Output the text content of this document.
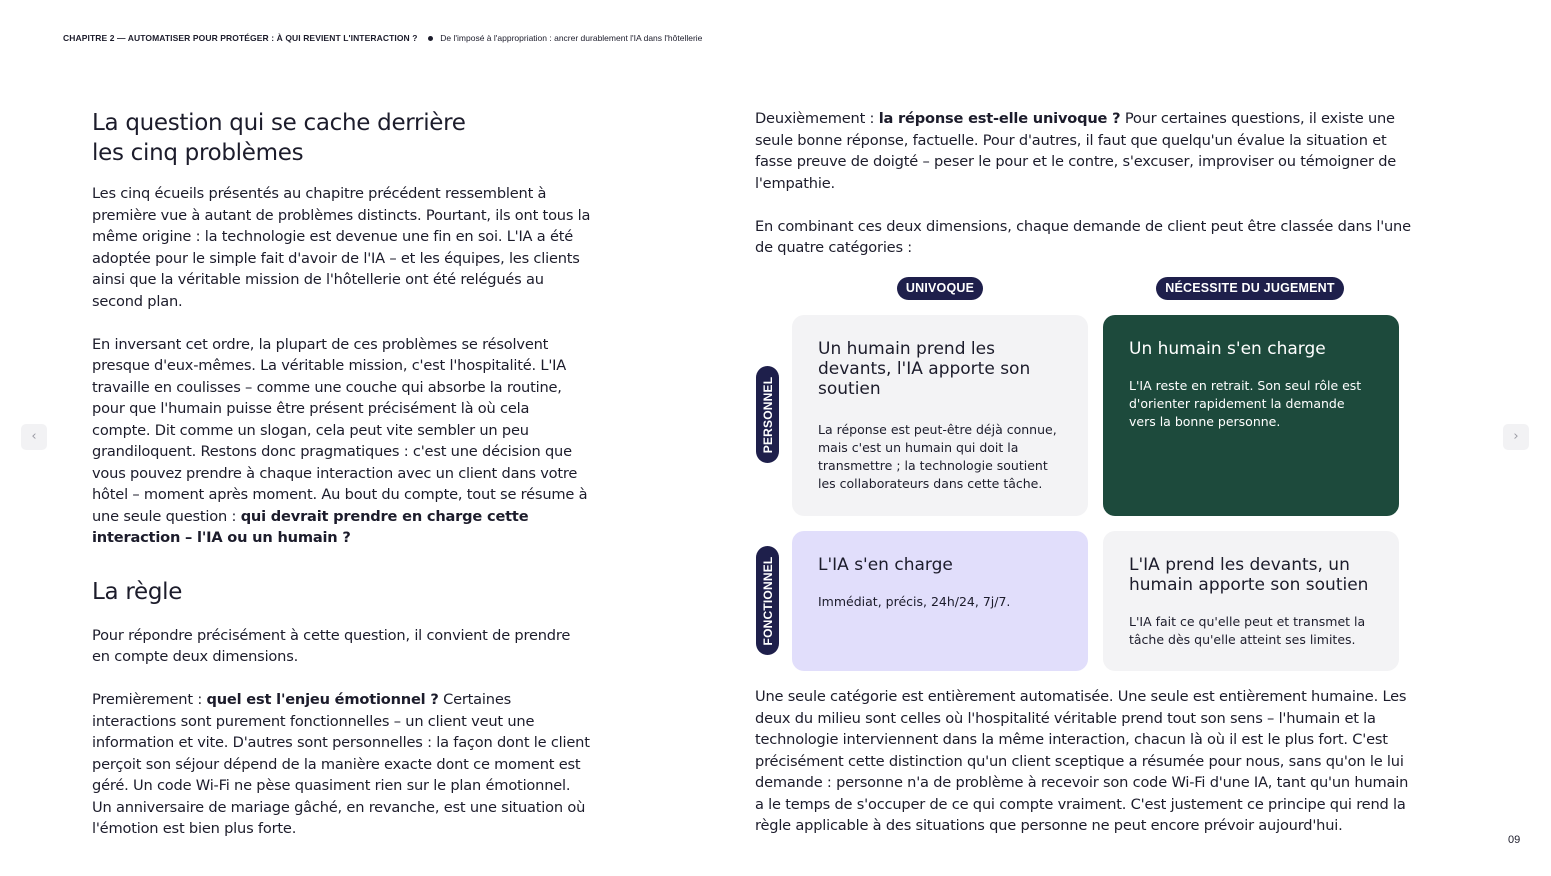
CHAPITRE 2 — AUTOMATISER POUR PROTÉGER : À QUI REVIENT L'INTERACTION ?	De l'imposé à l'appropriation : ancrer durablement l'IA dans l'hôtellerie
‹	›
La question qui se cache derrière
les cinq problèmes

Les cinq écueils présentés au chapitre précédent ressemblent à première vue à autant de problèmes distincts. Pourtant, ils ont tous la même origine : la technologie est devenue une fin en soi. L'IA a été adoptée pour le simple fait d'avoir de l'IA – et les équipes, les clients ainsi que la véritable mission de l'hôtellerie ont été relégués au second plan.

En inversant cet ordre, la plupart de ces problèmes se résolvent presque d'eux-mêmes. La véritable mission, c'est l'hospitalité. L'IA travaille en coulisses – comme une couche qui absorbe la routine, pour que l'humain puisse être présent précisément là où cela compte. Dit comme un slogan, cela peut vite sembler un peu grandiloquent. Restons donc pragmatiques : c'est une décision que vous pouvez prendre à chaque interaction avec un client dans votre hôtel – moment après moment. Au bout du compte, tout se résume à une seule question : qui devrait prendre en charge cette interaction – l'IA ou un humain ?

La règle

Pour répondre précisément à cette question, il convient de prendre en compte deux dimensions.

Premièrement : quel est l'enjeu émotionnel ? Certaines interactions sont purement fonctionnelles – un client veut une information et vite. D'autres sont personnelles : la façon dont le client perçoit son séjour dépend de la manière exacte dont ce moment est géré. Un code Wi-Fi ne pèse quasiment rien sur le plan émotionnel. Un anniversaire de mariage gâché, en revanche, est une situation où l'émotion est bien plus forte.

Deuxièmement : la réponse est-elle univoque ? Pour certaines questions, il existe une seule bonne réponse, factuelle. Pour d'autres, il faut que quelqu'un évalue la situation et fasse preuve de doigté – peser le pour et le contre, s'excuser, improviser ou témoigner de l'empathie.

En combinant ces deux dimensions, chaque demande de client peut être classée dans l'une de quatre catégories :

UNIVOQUE	NÉCESSITE DU JUGEMENT
PERSONNEL
FONCTIONNEL
Un humain prend les devants, l'IA apporte son soutien
La réponse est peut-être déjà connue, mais c'est un humain qui doit la transmettre ; la technologie soutient les collaborateurs dans cette tâche.
Un humain s'en charge
L'IA reste en retrait. Son seul rôle est d'orienter rapidement la demande vers la bonne personne.
L'IA s'en charge
Immédiat, précis, 24h/24, 7j/7.
L'IA prend les devants, un humain apporte son soutien
L'IA fait ce qu'elle peut et transmet la tâche dès qu'elle atteint ses limites.

Une seule catégorie est entièrement automatisée. Une seule est entièrement humaine. Les deux du milieu sont celles où l'hospitalité véritable prend tout son sens – l'humain et la technologie interviennent dans la même interaction, chacun là où il est le plus fort. C'est précisément cette distinction qu'un client sceptique a résumée pour nous, sans qu'on le lui demande : personne n'a de problème à recevoir son code Wi-Fi d'une IA, tant qu'un humain a le temps de s'occuper de ce qui compte vraiment. C'est justement ce principe qui rend la règle applicable à des situations que personne ne peut encore prévoir aujourd'hui.

09
